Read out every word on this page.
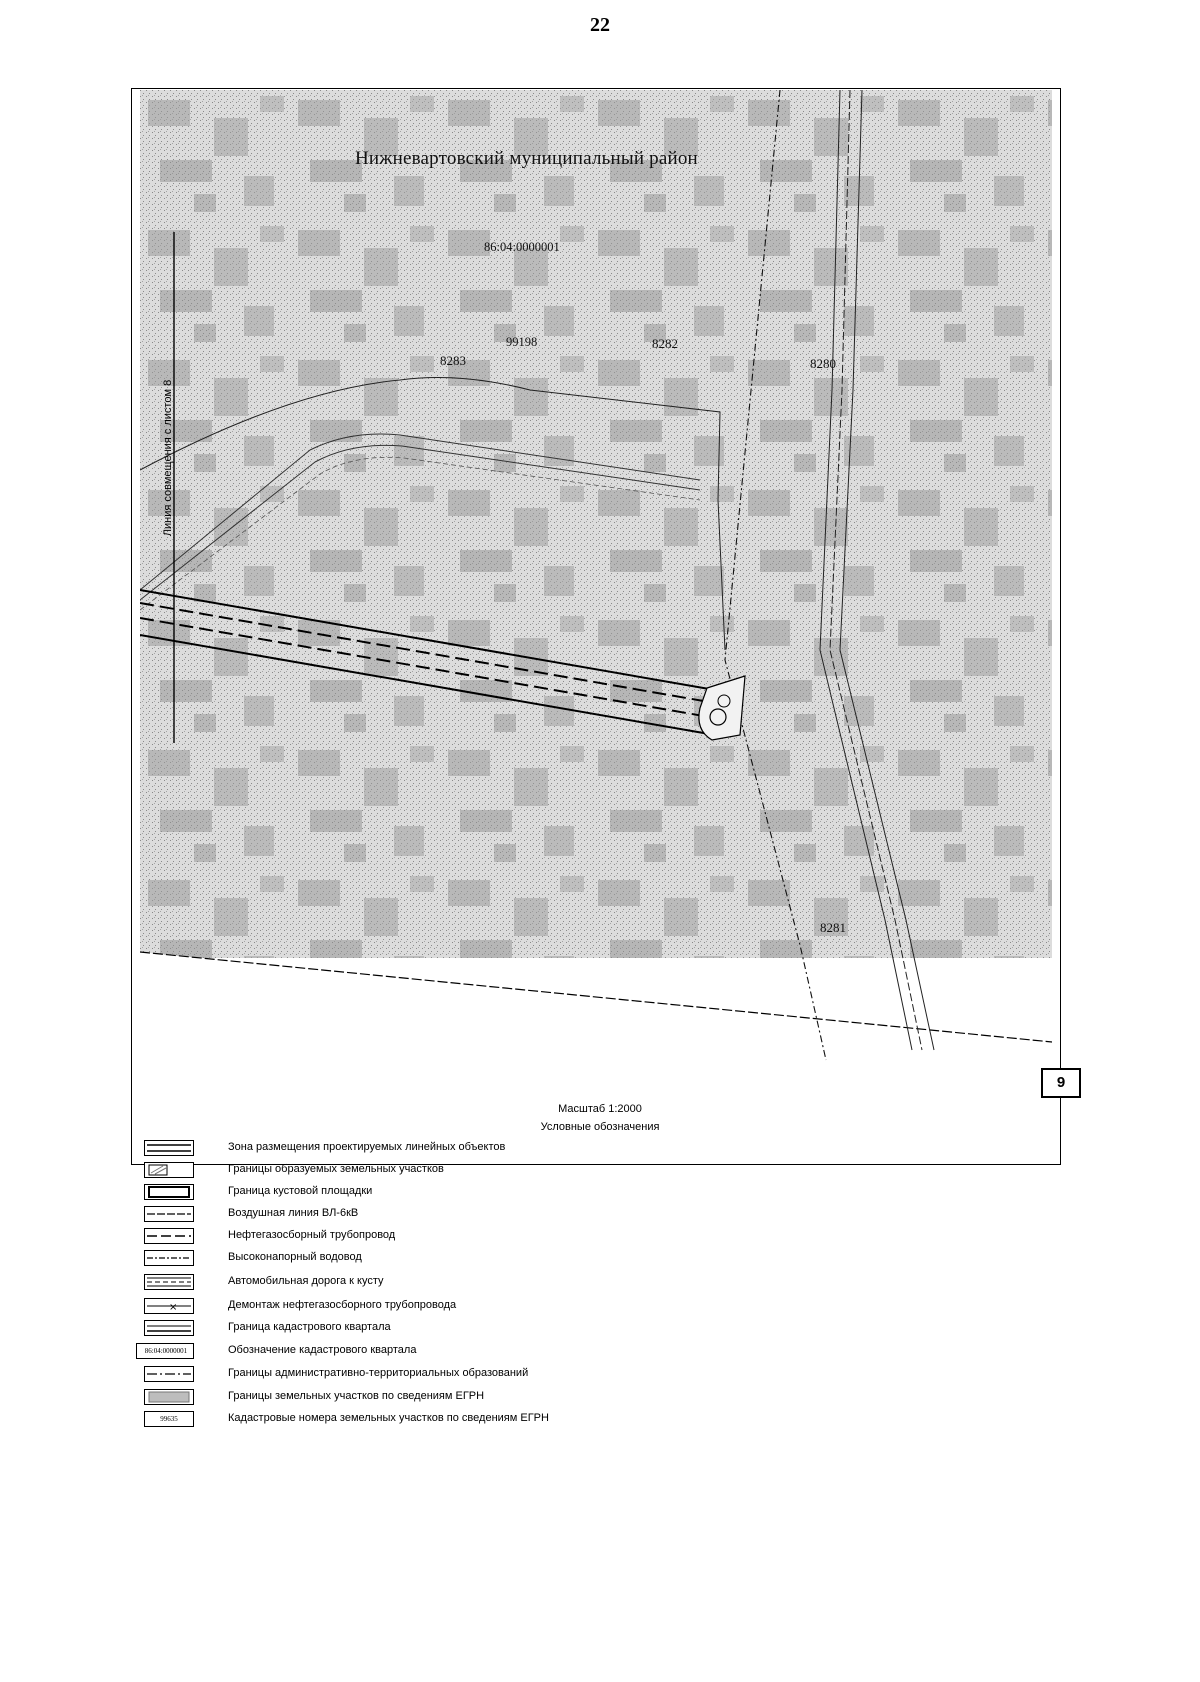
22
Нижневартовский муниципальный район
86:04:0000001
99198
8280
8282
8283
8281
Линия совмещения с листом 8
9
Масштаб 1:2000
Условные обозначения
Зона размещения проектируемых линейных объектов
Границы образуемых земельных участков
Граница кустовой площадки
Воздушная линия ВЛ-6кВ
Нефтегазосборный трубопровод
Высоконапорный водовод
Автомобильная дорога к кусту
×	Демонтаж нефтегазосборного трубопровода
Граница кадастрового квартала
86:04:0000001	Обозначение кадастрового квартала
Границы административно-территориальных образований
Границы земельных участков по сведениям ЕГРН
99635	Кадастровые номера земельных участков по сведениям ЕГРН
